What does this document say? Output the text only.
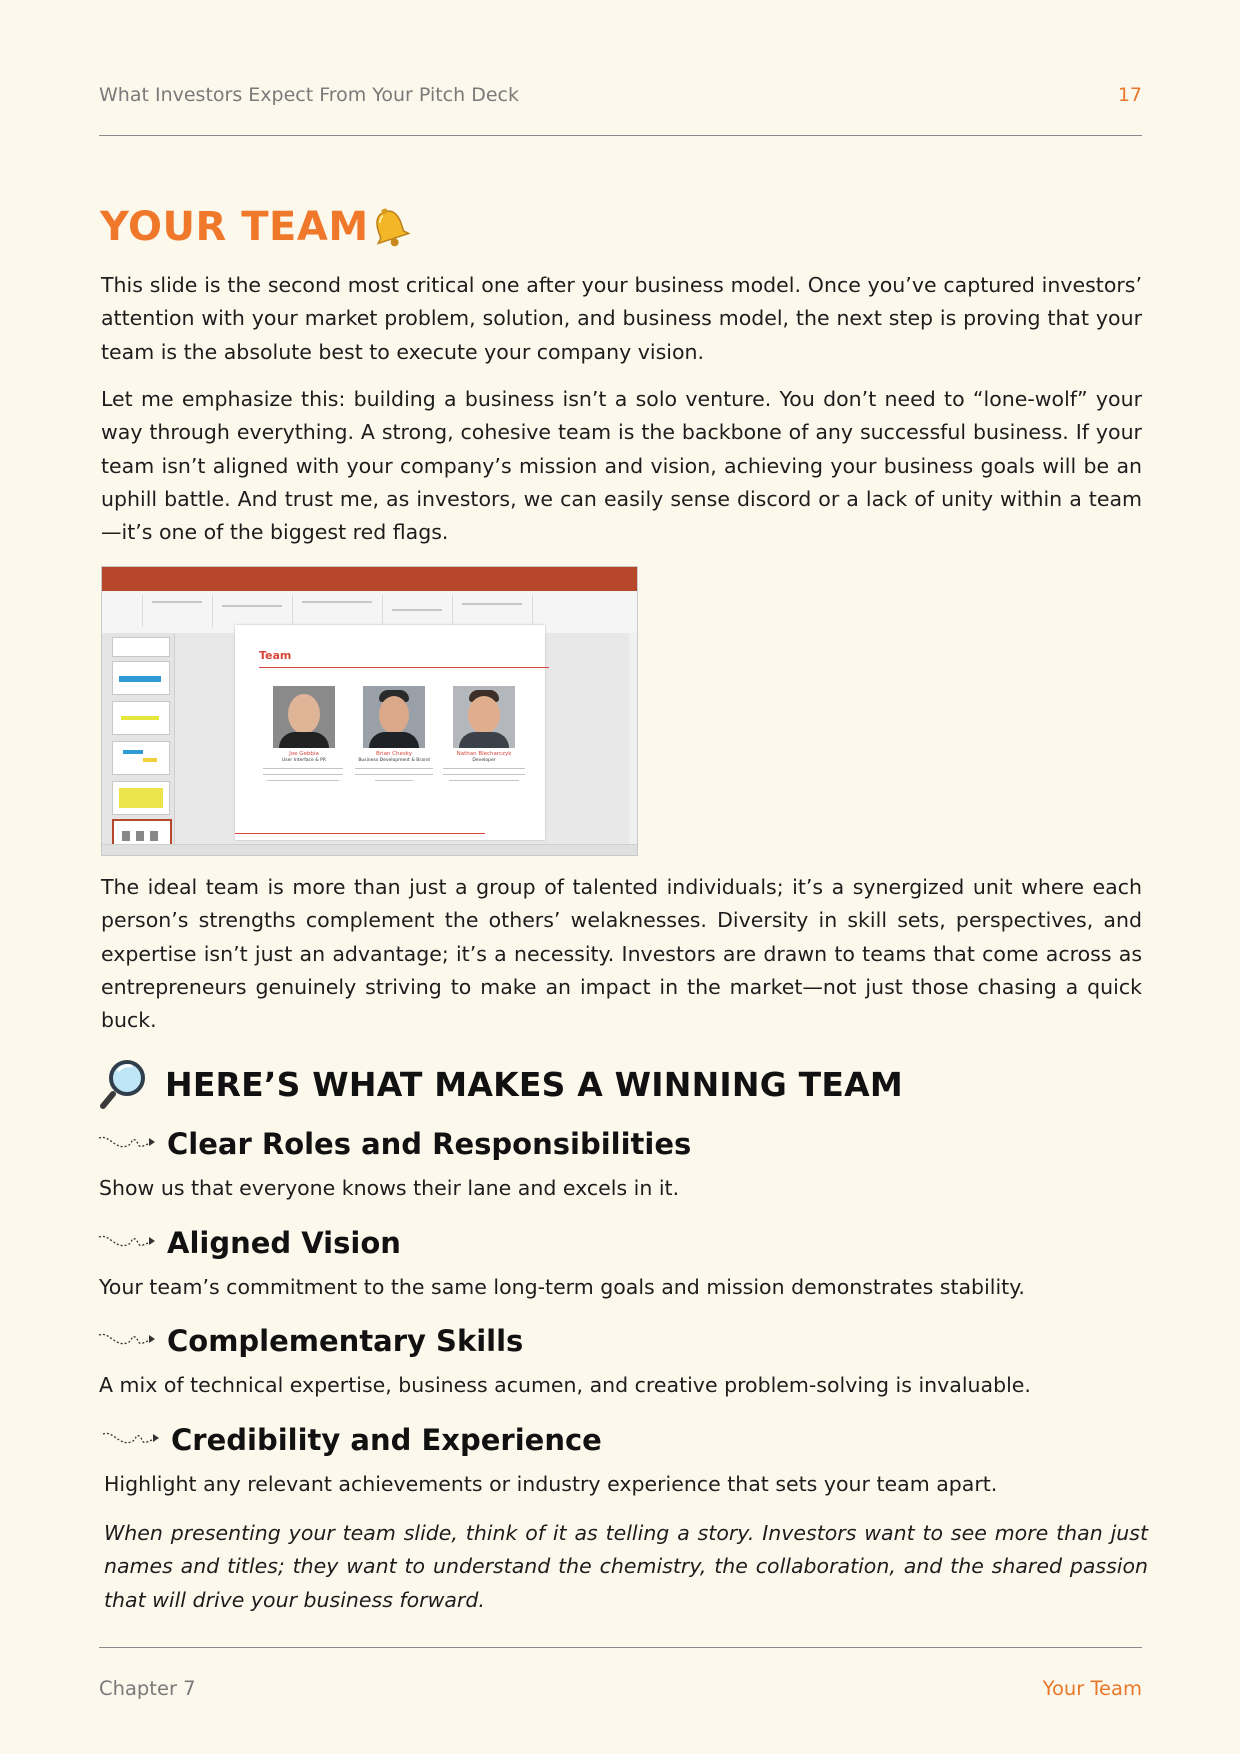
What Investors Expect From Your Pitch Deck	17
YOUR TEAM

This slide is the second most critical one after your business model. Once you’ve captured investors’ attention with your market problem, solution, and business model, the next step is proving that your team is the absolute best to execute your company vision.

Let me emphasize this: building a business isn’t a solo venture. You don’t need to “lone-wolf” your way through everything. A strong, cohesive team is the backbone of any successful business. If your team isn’t aligned with your company’s mission and vision, achieving your business goals will be an uphill battle. And trust me, as investors, we can easily sense discord or a lack of unity within a team—it’s one of the biggest red flags.

Team
Joe Gebbia
User Interface & PR
Brian Chesky
Business Development & Brand
Nathan Blecharczyk
Developer

The ideal team is more than just a group of talented individuals; it’s a synergized unit where each person’s strengths complement the others’ welaknesses. Diversity in skill sets, perspectives, and expertise isn’t just an advantage; it’s a necessity. Investors are drawn to teams that come across as entrepreneurs genuinely striving to make an impact in the market—not just those chasing a quick buck.

HERE’S WHAT MAKES A WINNING TEAM
Clear Roles and Responsibilities

Show us that everyone knows their lane and excels in it.

Aligned Vision

Your team’s commitment to the same long-term goals and mission demonstrates stability.

Complementary Skills

A mix of technical expertise, business acumen, and creative problem-solving is invaluable.

Credibility and Experience

Highlight any relevant achievements or industry experience that sets your team apart.

When presenting your team slide, think of it as telling a story. Investors want to see more than just names and titles; they want to understand the chemistry, the collaboration, and the shared passion that will drive your business forward.

Chapter 7	Your Team
